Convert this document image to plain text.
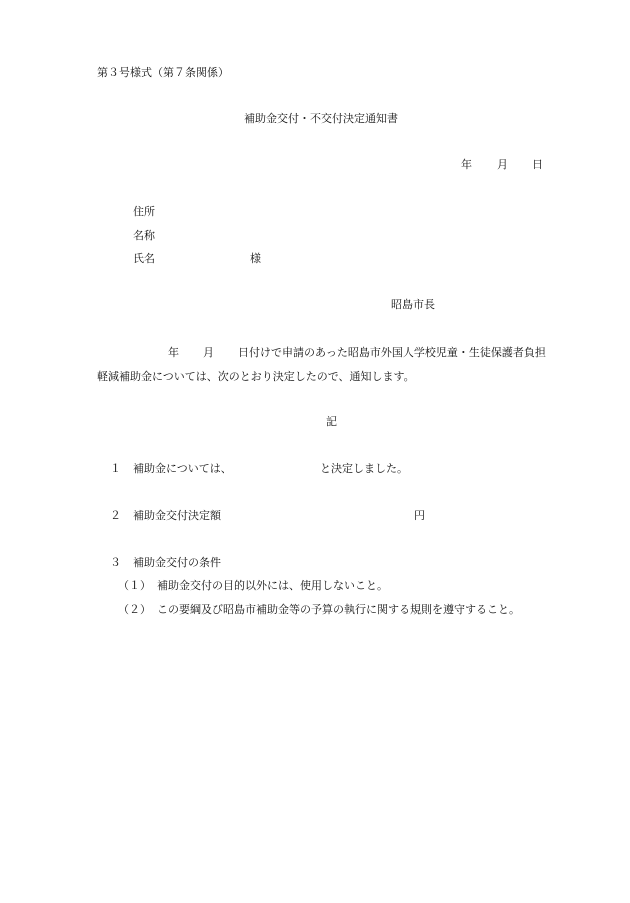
第３号様式（第７条関係）
補助金交付・不交付決定通知書
年 月 日
住所
名称
氏名	様
昭島市長
年 月 日付けで申請のあった昭島市外国人学校児童・生徒保護者負担
軽減補助金については、次のとおり決定したので、通知します。
記
１ 補助金については、	と決定しました。
２ 補助金交付決定額	円
３ 補助金交付の条件
（１） 補助金交付の目的以外には、使用しないこと。
（２） この要綱及び昭島市補助金等の予算の執行に関する規則を遵守すること。
